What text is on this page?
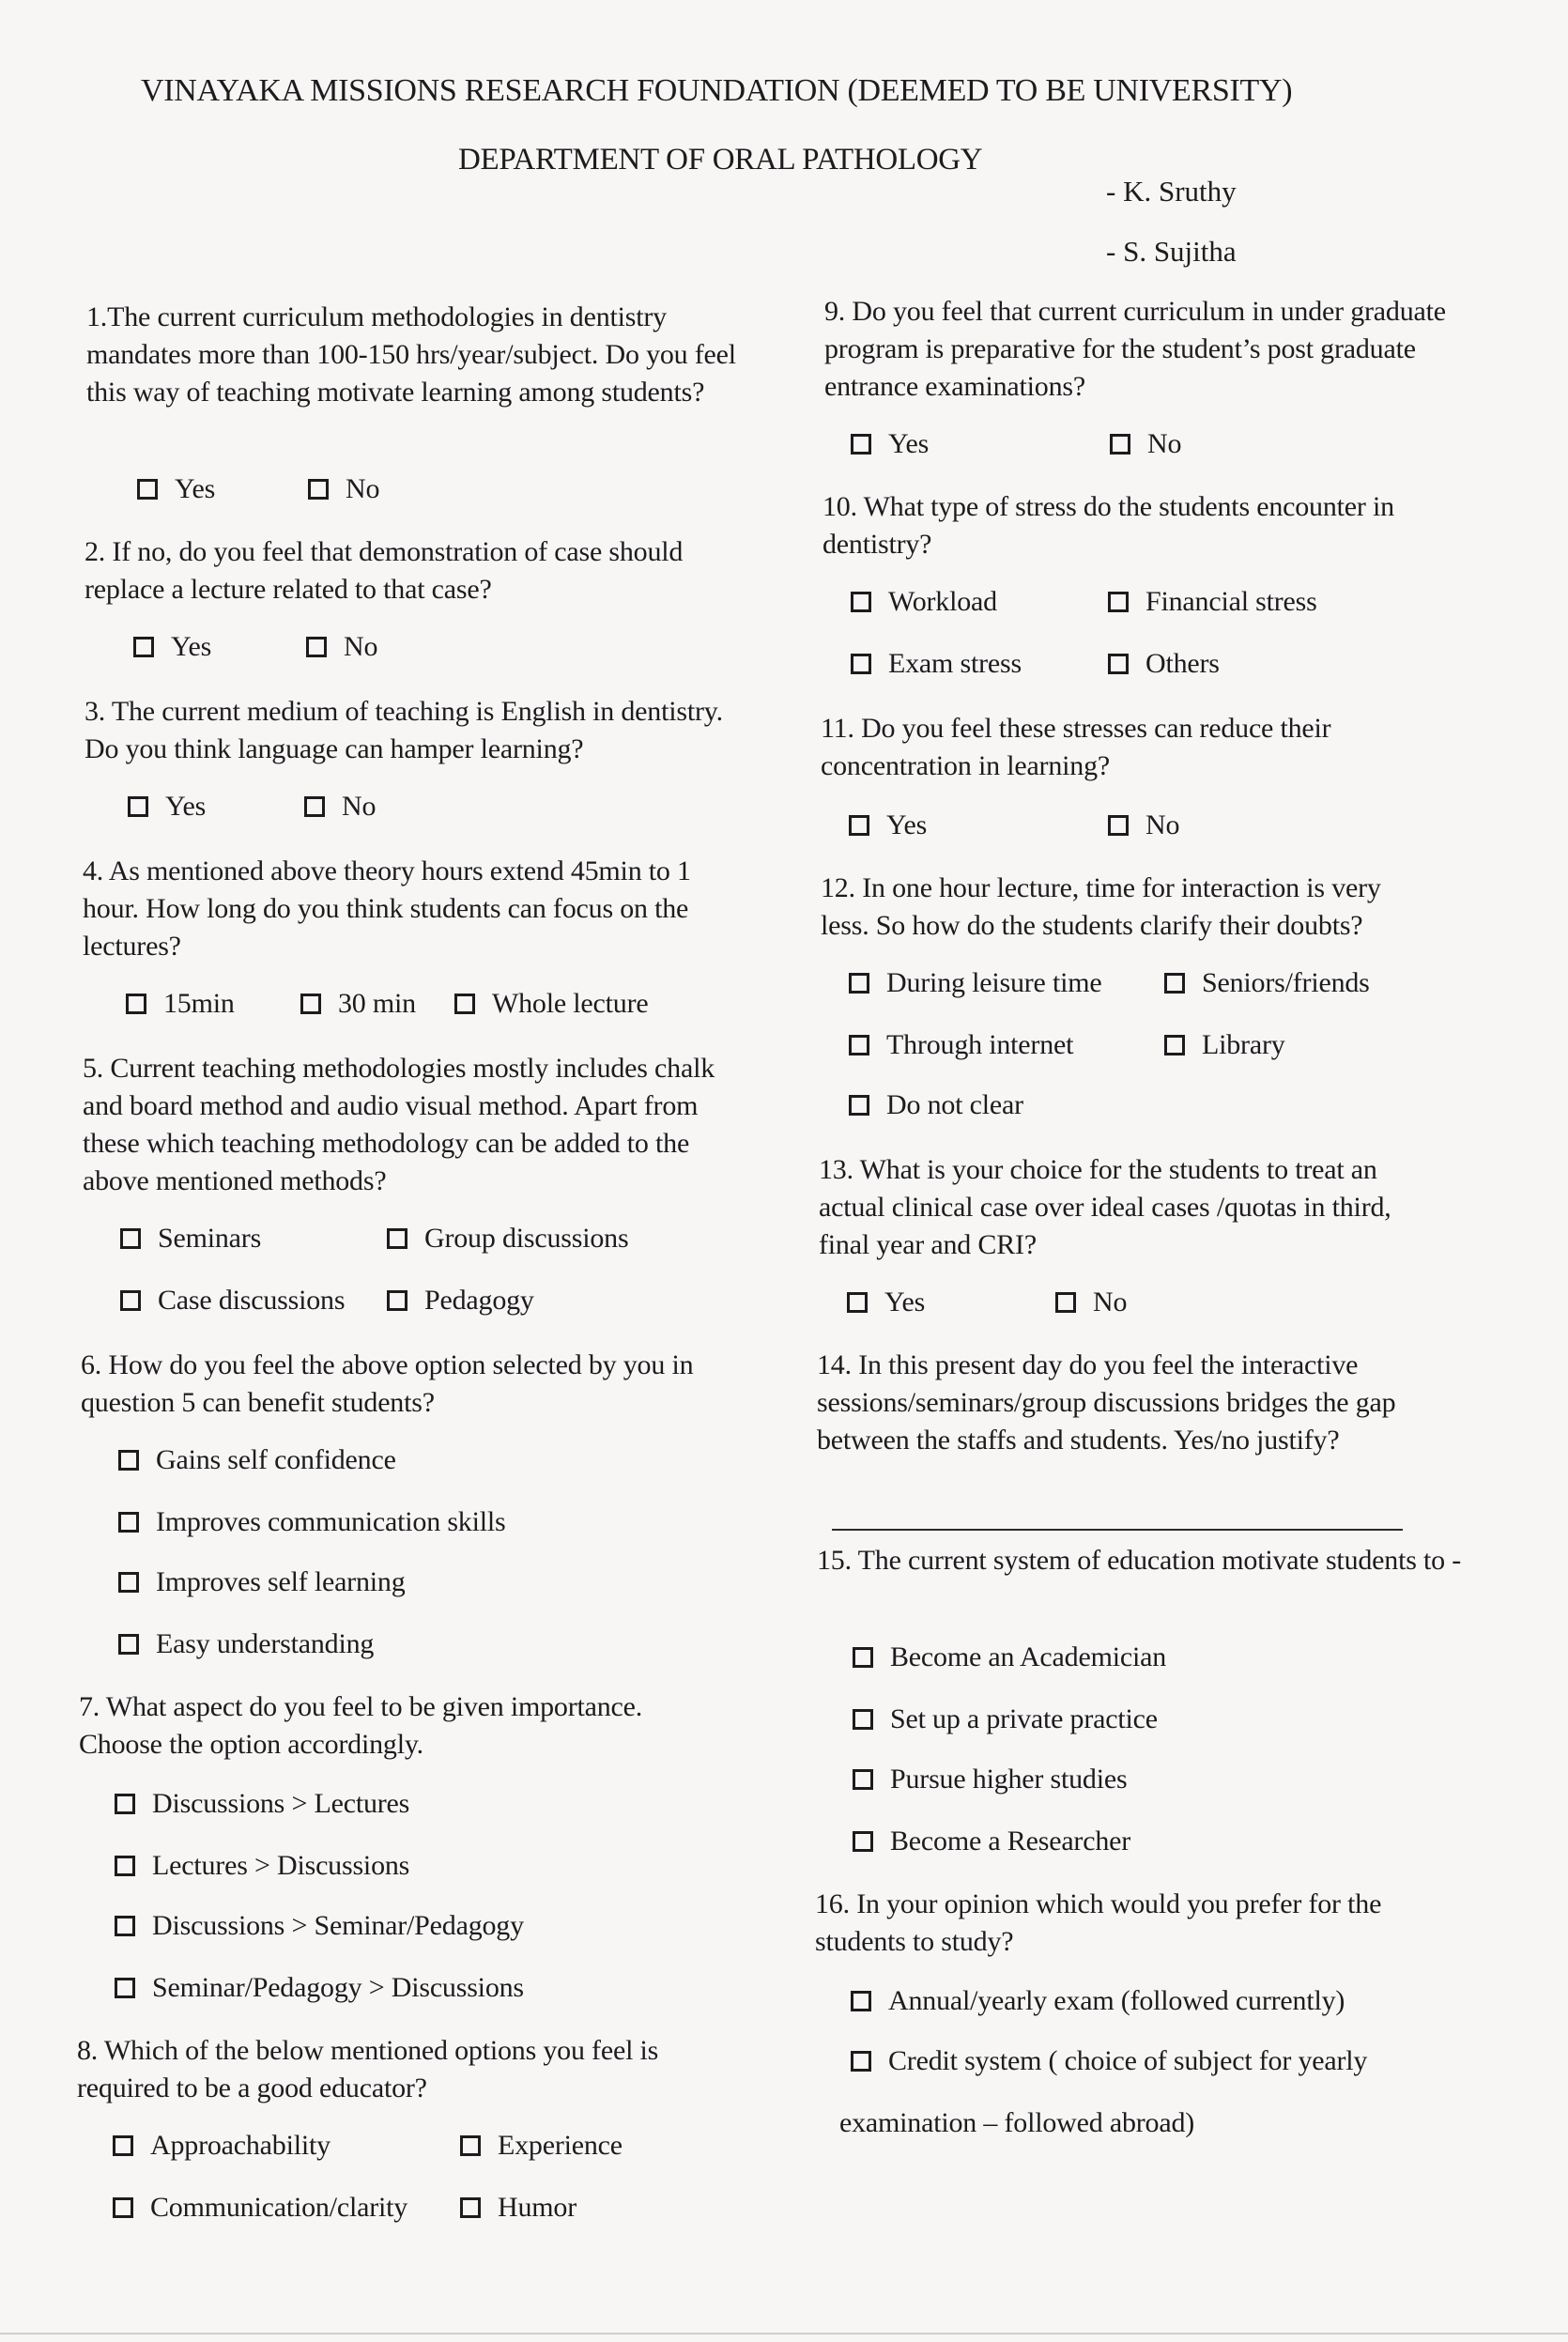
VINAYAKA MISSIONS RESEARCH FOUNDATION (DEEMED TO BE UNIVERSITY)
DEPARTMENT OF ORAL PATHOLOGY
- K. Sruthy
- S. Sujitha
1.The current curriculum methodologies in dentistry mandates more than 100-150 hrs/year/subject. Do you feel this way of teaching motivate learning among students?
Yes	No
2. If no, do you feel that demonstration of case should replace a lecture related to that case?
Yes	No
3. The current medium of teaching is English in dentistry. Do you think language can hamper learning?
Yes	No
4. As mentioned above theory hours extend 45min to 1 hour. How long do you think students can focus on the lectures?
15min	30 min	Whole lecture
5. Current teaching methodologies mostly includes chalk and board method and audio visual method. Apart from these which teaching methodology can be added to the above mentioned methods?
Seminars	Group discussions
Case discussions	Pedagogy
6. How do you feel the above option selected by you in question 5 can benefit students?
Gains self confidence
Improves communication skills
Improves self learning
Easy understanding
7. What aspect do you feel to be given importance. Choose the option accordingly.
Discussions > Lectures
Lectures > Discussions
Discussions > Seminar/Pedagogy
Seminar/Pedagogy > Discussions
8. Which of the below mentioned options you feel is required to be a good educator?
Approachability	Experience
Communication/clarity	Humor
9. Do you feel that current curriculum in under graduate program is preparative for the student’s post graduate entrance examinations?
Yes	No
10. What type of stress do the students encounter in dentistry?
Workload	Financial stress
Exam stress	Others
11. Do you feel these stresses can reduce their concentration in learning?
Yes	No
12. In one hour lecture, time for interaction is very less. So how do the students clarify their doubts?
During leisure time	Seniors/friends
Through internet	Library
Do not clear
13. What is your choice for the students to treat an actual clinical case over ideal cases /quotas in third, final year and CRI?
Yes	No
14. In this present day do you feel the interactive sessions/seminars/group discussions bridges the gap between the staffs and students. Yes/no justify?
15. The current system of education motivate students to -
Become an Academician
Set up a private practice
Pursue higher studies
Become a Researcher
16. In your opinion which would you prefer for the students to study?
Annual/yearly exam (followed currently)
Credit system ( choice of subject for yearly
examination – followed abroad)
